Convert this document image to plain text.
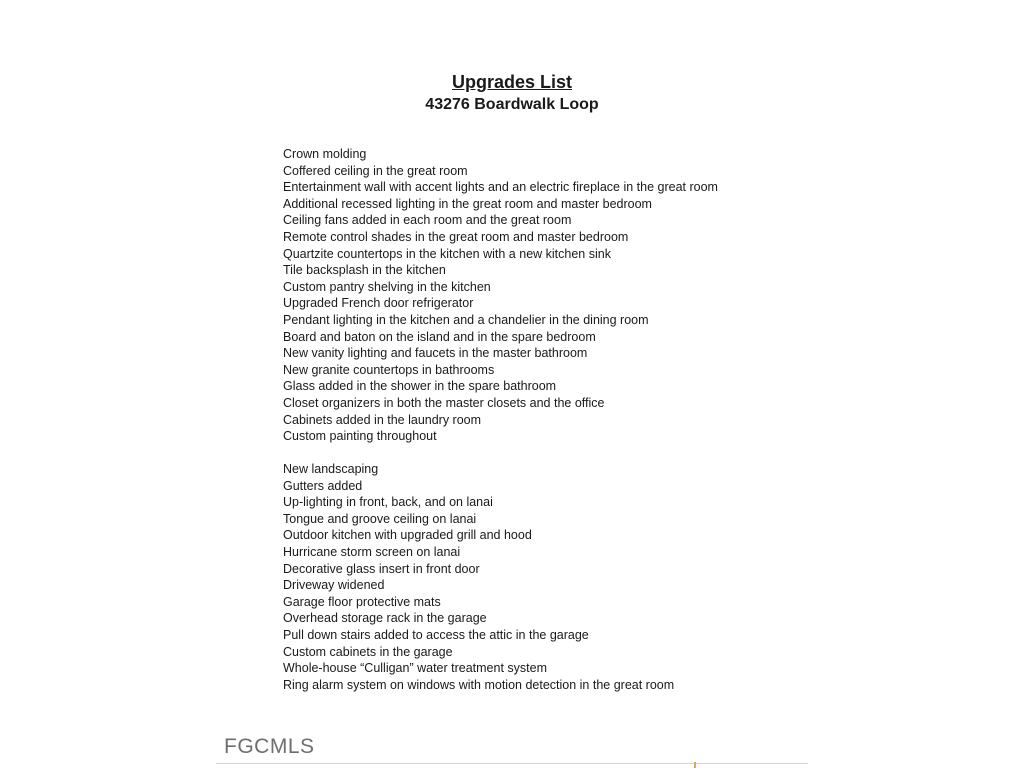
Upgrades List

43276 Boardwalk Loop

Crown molding
Coffered ceiling in the great room
Entertainment wall with accent lights and an electric fireplace in the great room
Additional recessed lighting in the great room and master bedroom
Ceiling fans added in each room and the great room
Remote control shades in the great room and master bedroom
Quartzite countertops in the kitchen with a new kitchen sink
Tile backsplash in the kitchen
Custom pantry shelving in the kitchen
Upgraded French door refrigerator
Pendant lighting in the kitchen and a chandelier in the dining room
Board and baton on the island and in the spare bedroom
New vanity lighting and faucets in the master bathroom
New granite countertops in bathrooms
Glass added in the shower in the spare bathroom
Closet organizers in both the master closets and the office
Cabinets added in the laundry room
Custom painting throughout
New landscaping
Gutters added
Up-lighting in front, back, and on lanai
Tongue and groove ceiling on lanai
Outdoor kitchen with upgraded grill and hood
Hurricane storm screen on lanai
Decorative glass insert in front door
Driveway widened
Garage floor protective mats
Overhead storage rack in the garage
Pull down stairs added to access the attic in the garage
Custom cabinets in the garage
Whole-house “Culligan” water treatment system
Ring alarm system on windows with motion detection in the great room
FGCMLS
